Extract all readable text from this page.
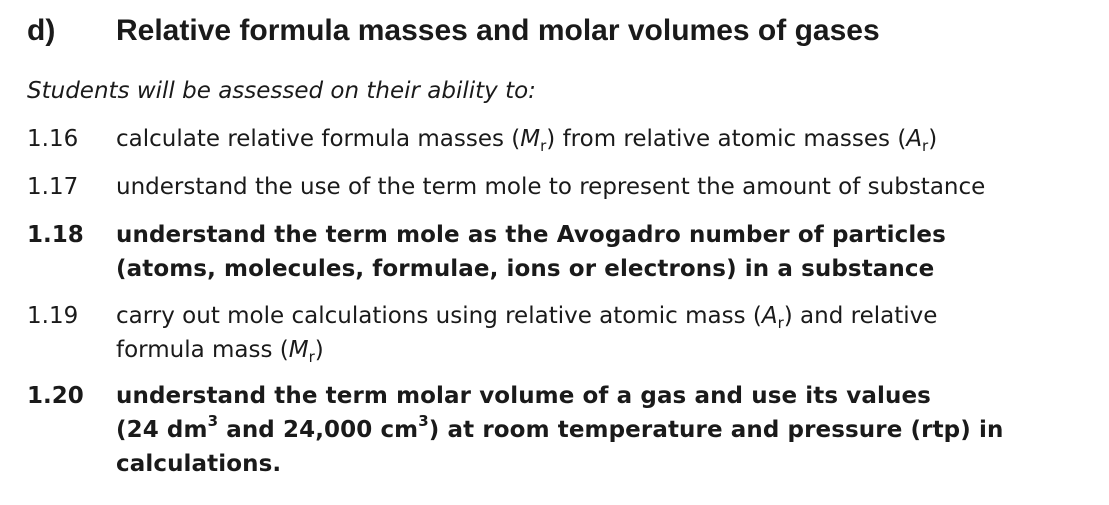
d) Relative formula masses and molar volumes of gases
Students will be assessed on their ability to:
1.16 calculate relative formula masses $(M_r)$ from relative atomic masses $(A_r)$
1.17 understand the use of the term mole to represent the amount of substance
1.18 understand the term mole as the Avogadro number of particles
(atoms, molecules, formulae, ions or electrons) in a substance
1.19 carry out mole calculations using relative atomic mass $(A_r)$ and relative
formula mass $(M_r)$
1.20 understand the term molar volume of a gas and use its values
(24 $dm^3$ and 24,000 $cm^3$) at room temperature and pressure (rtp) in
calculations.
